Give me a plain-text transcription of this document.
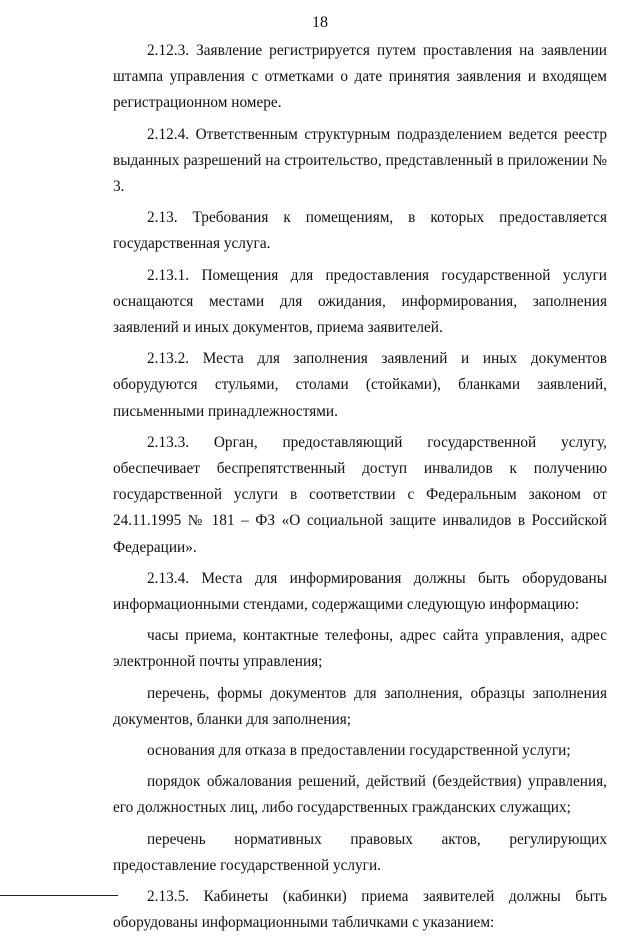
18

2.12.3. Заявление регистрируется путем проставления на заявлении штампа управления с отметками о дате принятия заявления и входящем регистрационном номере.

2.12.4. Ответственным структурным подразделением ведется реестр выданных разрешений на строительство, представленный в приложении № 3.

2.13. Требования к помещениям, в которых предоставляется государственная услуга.

2.13.1. Помещения для предоставления государственной услуги оснащаются местами для ожидания, информирования, заполнения заявлений и иных документов, приема заявителей.

2.13.2. Места для заполнения заявлений и иных документов оборудуются стульями, столами (стойками), бланками заявлений, письменными принадлежностями.

2.13.3. Орган, предоставляющий государственной услугу, обеспечивает беспрепятственный доступ инвалидов к получению государственной услуги в соответствии с Федеральным законом от 24.11.1995 № 181 – ФЗ «О социальной защите инвалидов в Российской Федерации».

2.13.4. Места для информирования должны быть оборудованы информационными стендами, содержащими следующую информацию:

часы приема, контактные телефоны, адрес сайта управления, адрес электронной почты управления;

перечень, формы документов для заполнения, образцы заполнения документов, бланки для заполнения;

основания для отказа в предоставлении государственной услуги;

порядок обжалования решений, действий (бездействия) управления, его должностных лиц, либо государственных гражданских служащих;

перечень нормативных правовых актов, регулирующих предоставление государственной услуги.

2.13.5. Кабинеты (кабинки) приема заявителей должны быть оборудованы информационными табличками с указанием:
